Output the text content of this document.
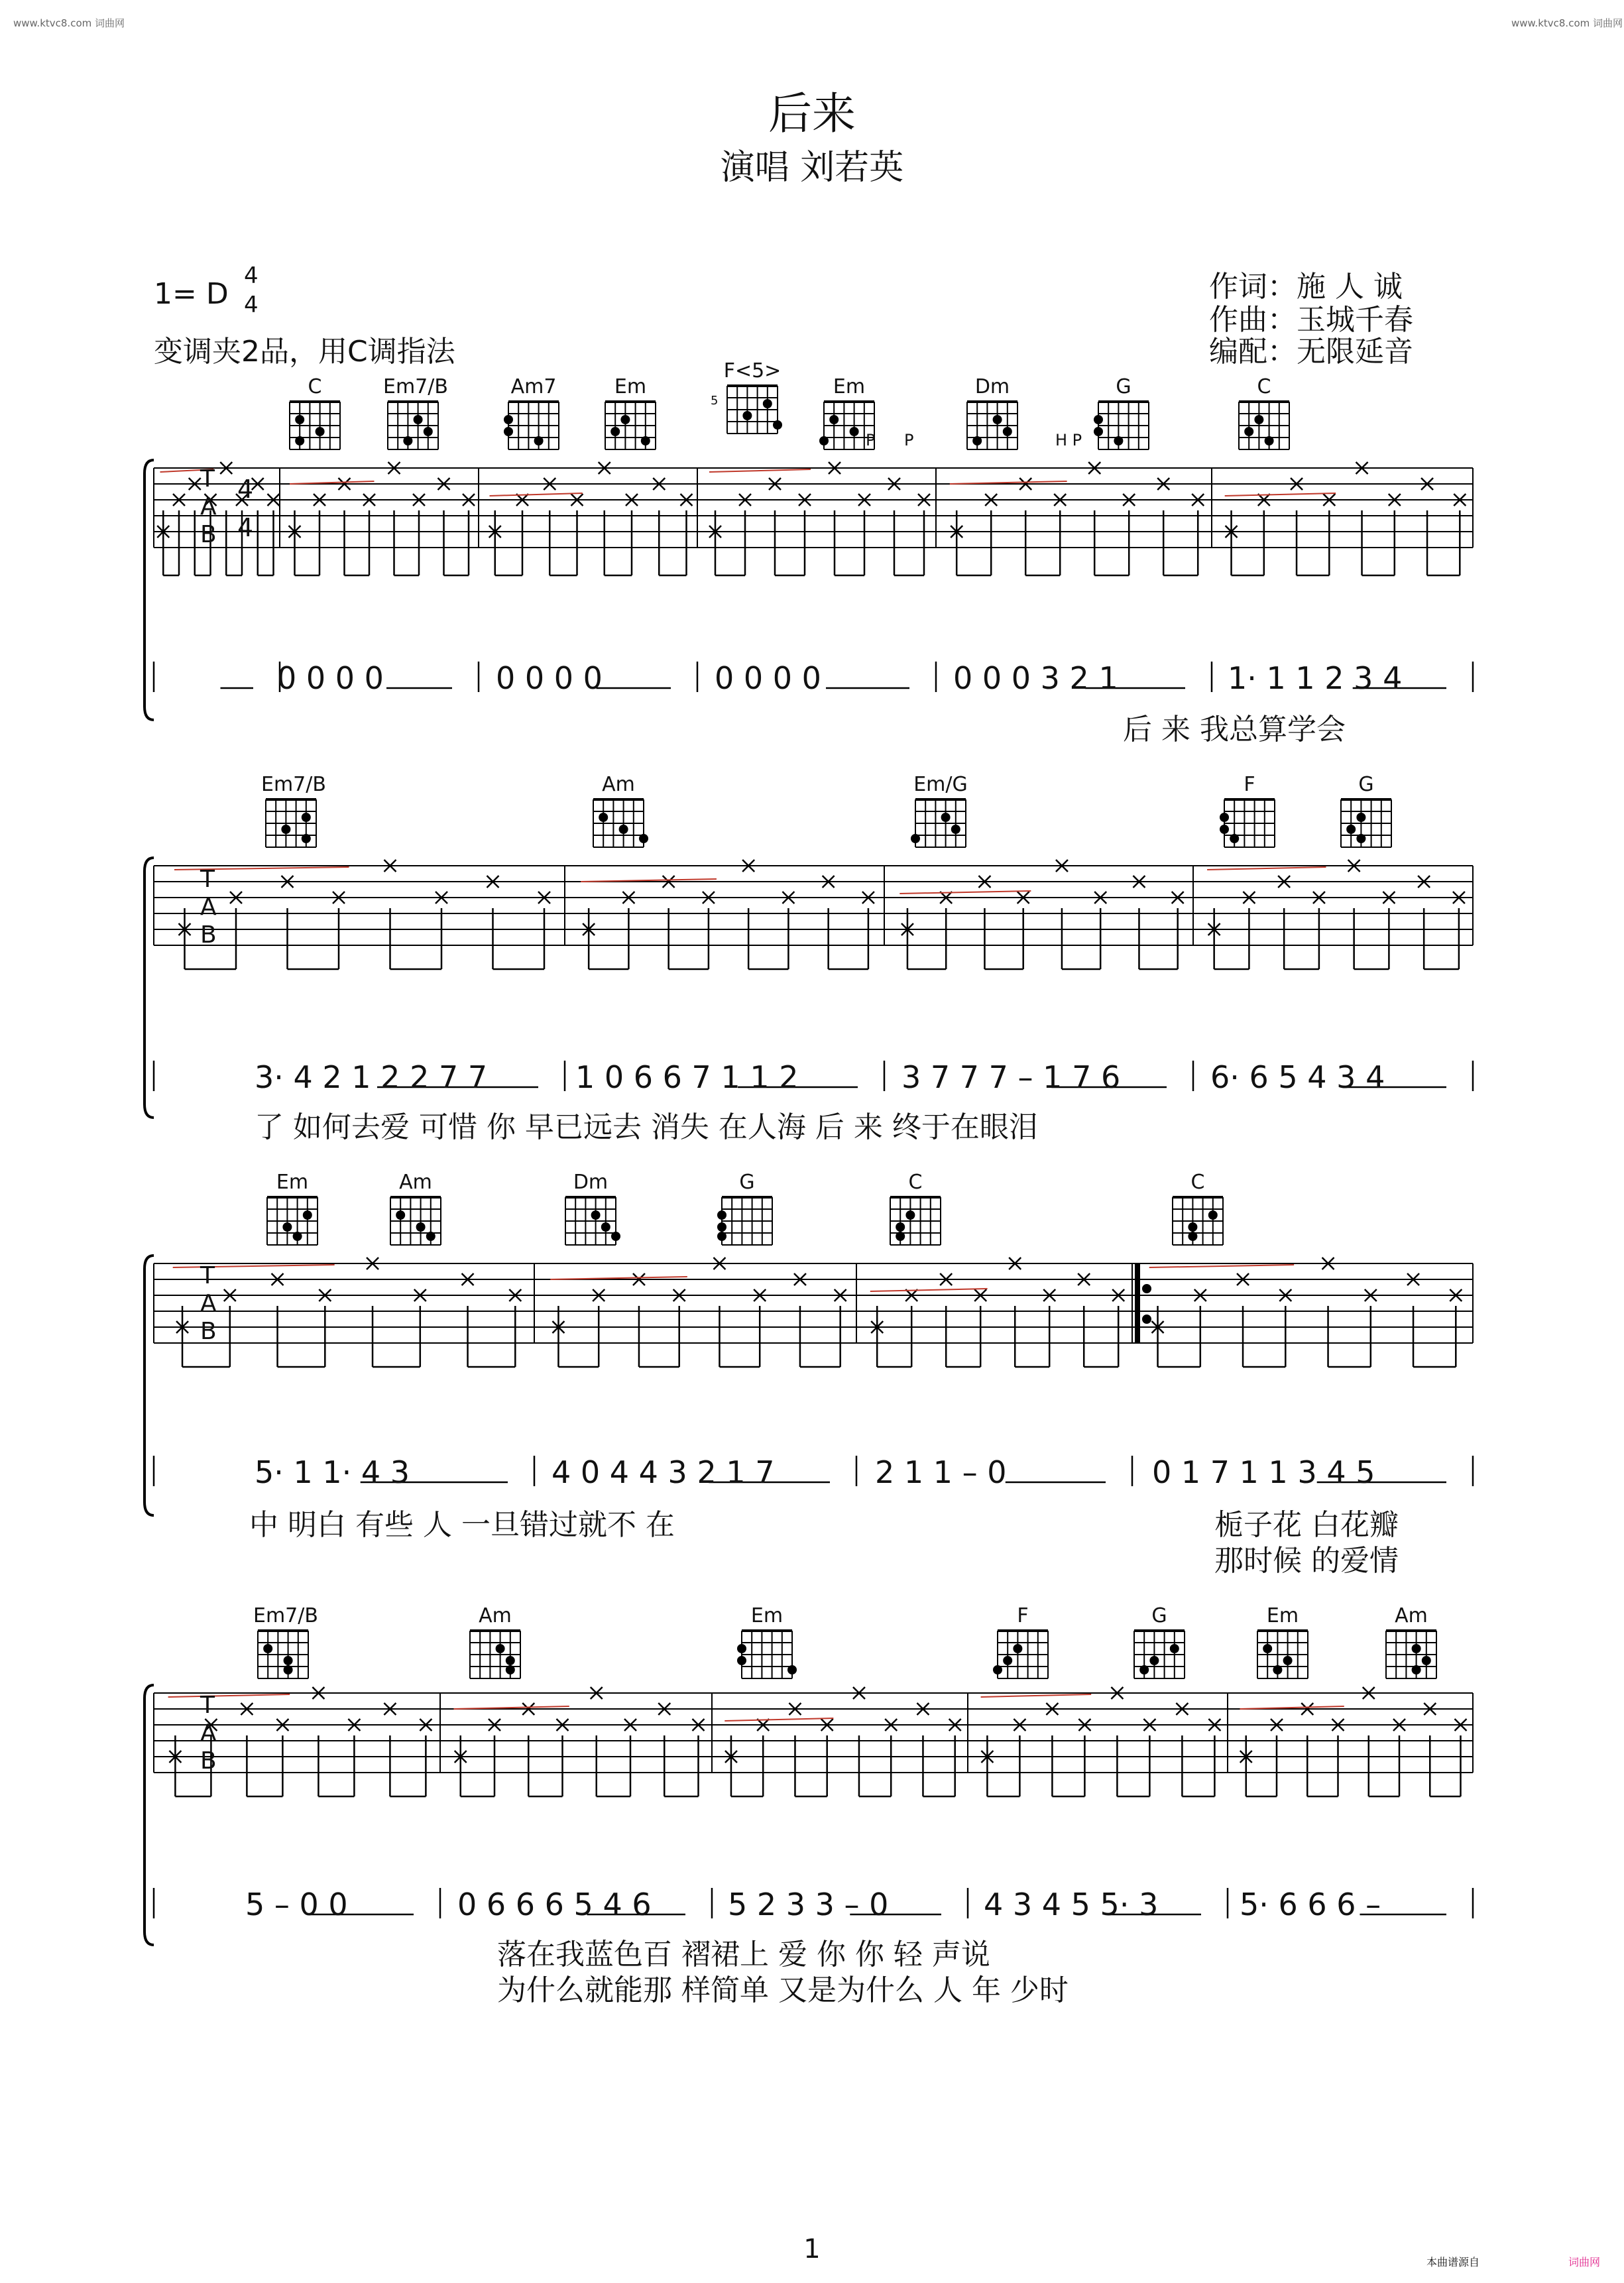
www.ktvc8.com 词曲网	www.ktvc8.com 词曲网
后来
演唱 刘若英
1= D
4
4
变调夹2品，用C调指法
作词：施 人 诚
作曲：玉城千春
编配：无限延音
C	Em7/B	Am7	Em
F<5>
Em	Dm	G	C
Em7/B	Am	Em/G	F	G
Em	Am	Dm	G	C	C
Em7/B	Am	Em	F	G	Em	Am
T
A
B
4
4
T
A
B
T
A
B
T
A
B
P P	H P
5
0 0 0 0	0 0 0 0	0 0 0 0	0 0 0 3 2 1	1· 1 1 2 3 4
后 来 我总算学会
3· 4 2 1 2 2 7 7	1 0 6 6 7 1 1 2	3 7 7 7 – 1 7 6	6· 6 5 4 3 4
了 如何去爱 可惜 你 早已远去 消失 在人海 后 来 终于在眼泪
5· 1 1· 4 3	4 0 4 4 3 2 1 7	2 1 1 – 0	0 1 7 1 1 3 4 5
中 明白 有些 人 一旦错过就不 在	栀子花 白花瓣
那时候 的爱情
5 – 0 0	0 6 6 6 5 4 6	5 2 3 3 – 0	4 3 4 5 5· 3	5· 6 6 6 –
落在我蓝色百 褶裙上 爱 你 你 轻 声说
为什么就能那 样简单 又是为什么 人 年 少时
1	本曲谱源自	词曲网
